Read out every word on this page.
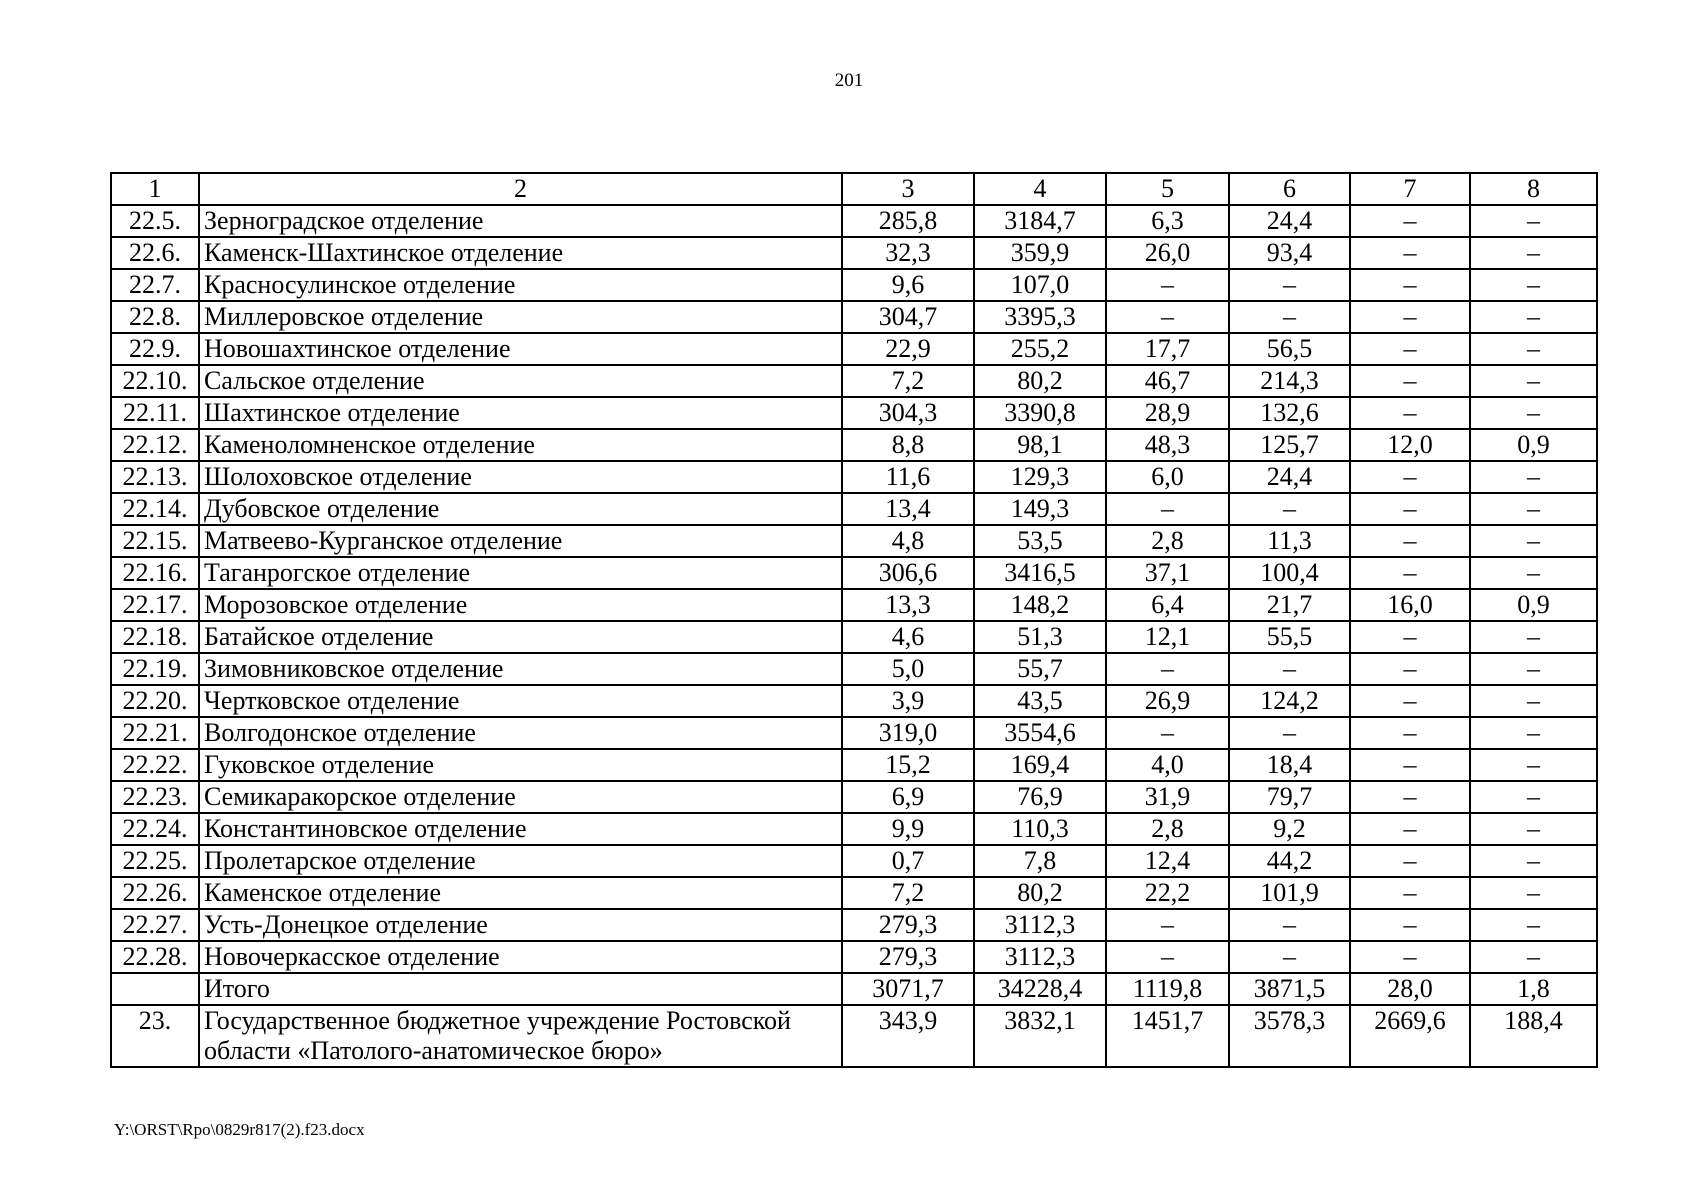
201
1	2	3	4	5	6	7	8
22.5.	Зерноградское отделение	285,8	3184,7	6,3	24,4	–	–
22.6.	Каменск-Шахтинское отделение	32,3	359,9	26,0	93,4	–	–
22.7.	Красносулинское отделение	9,6	107,0	–	–	–	–
22.8.	Миллеровское отделение	304,7	3395,3	–	–	–	–
22.9.	Новошахтинское отделение	22,9	255,2	17,7	56,5	–	–
22.10.	Сальское отделение	7,2	80,2	46,7	214,3	–	–
22.11.	Шахтинское отделение	304,3	3390,8	28,9	132,6	–	–
22.12.	Каменоломненское отделение	8,8	98,1	48,3	125,7	12,0	0,9
22.13.	Шолоховское отделение	11,6	129,3	6,0	24,4	–	–
22.14.	Дубовское отделение	13,4	149,3	–	–	–	–
22.15.	Матвеево-Курганское отделение	4,8	53,5	2,8	11,3	–	–
22.16.	Таганрогское отделение	306,6	3416,5	37,1	100,4	–	–
22.17.	Морозовское отделение	13,3	148,2	6,4	21,7	16,0	0,9
22.18.	Батайское отделение	4,6	51,3	12,1	55,5	–	–
22.19.	Зимовниковское отделение	5,0	55,7	–	–	–	–
22.20.	Чертковское отделение	3,9	43,5	26,9	124,2	–	–
22.21.	Волгодонское отделение	319,0	3554,6	–	–	–	–
22.22.	Гуковское отделение	15,2	169,4	4,0	18,4	–	–
22.23.	Семикаракорское отделение	6,9	76,9	31,9	79,7	–	–
22.24.	Константиновское отделение	9,9	110,3	2,8	9,2	–	–
22.25.	Пролетарское отделение	0,7	7,8	12,4	44,2	–	–
22.26.	Каменское отделение	7,2	80,2	22,2	101,9	–	–
22.27.	Усть-Донецкое отделение	279,3	3112,3	–	–	–	–
22.28.	Новочеркасское отделение	279,3	3112,3	–	–	–	–
	Итого	3071,7	34228,4	1119,8	3871,5	28,0	1,8
23.	Государственное бюджетное учреждение Ростовской области «Патолого-анатомическое бюро»	343,9	3832,1	1451,7	3578,3	2669,6	188,4
Y:\ORST\Rpo\0829r817(2).f23.docx
